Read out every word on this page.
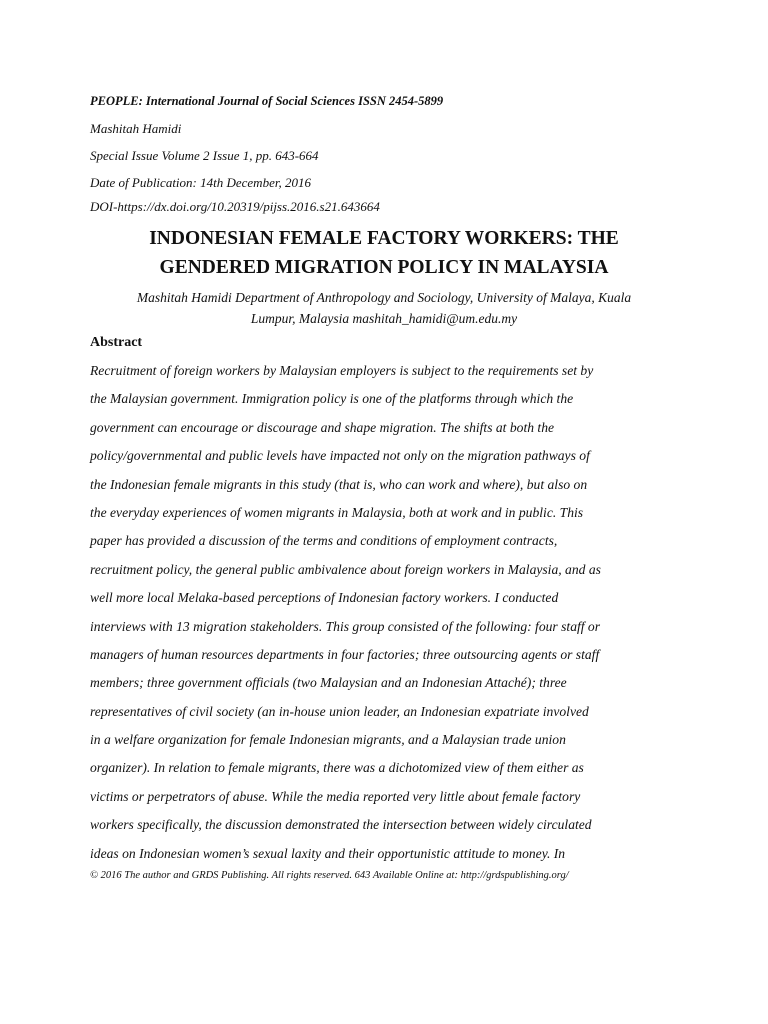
PEOPLE: International Journal of Social Sciences ISSN 2454-5899
Mashitah Hamidi
Special Issue Volume 2 Issue 1, pp. 643-664
Date of Publication: 14th December, 2016
DOI-https://dx.doi.org/10.20319/pijss.2016.s21.643664
INDONESIAN FEMALE FACTORY WORKERS: THE
GENDERED MIGRATION POLICY IN MALAYSIA
Mashitah Hamidi Department of Anthropology and Sociology, University of Malaya, Kuala
Lumpur, Malaysia mashitah_hamidi@um.edu.my
Abstract
Recruitment of foreign workers by Malaysian employers is subject to the requirements set by
the Malaysian government. Immigration policy is one of the platforms through which the
government can encourage or discourage and shape migration. The shifts at both the
policy/governmental and public levels have impacted not only on the migration pathways of
the Indonesian female migrants in this study (that is, who can work and where), but also on
the everyday experiences of women migrants in Malaysia, both at work and in public. This
paper has provided a discussion of the terms and conditions of employment contracts,
recruitment policy, the general public ambivalence about foreign workers in Malaysia, and as
well more local Melaka-based perceptions of Indonesian factory workers. I conducted
interviews with 13 migration stakeholders. This group consisted of the following: four staff or
managers of human resources departments in four factories; three outsourcing agents or staff
members; three government officials (two Malaysian and an Indonesian Attaché); three
representatives of civil society (an in-house union leader, an Indonesian expatriate involved
in a welfare organization for female Indonesian migrants, and a Malaysian trade union
organizer). In relation to female migrants, there was a dichotomized view of them either as
victims or perpetrators of abuse. While the media reported very little about female factory
workers specifically, the discussion demonstrated the intersection between widely circulated
ideas on Indonesian women’s sexual laxity and their opportunistic attitude to money. In
© 2016 The author and GRDS Publishing. All rights reserved. 643 Available Online at: http://grdspublishing.org/
